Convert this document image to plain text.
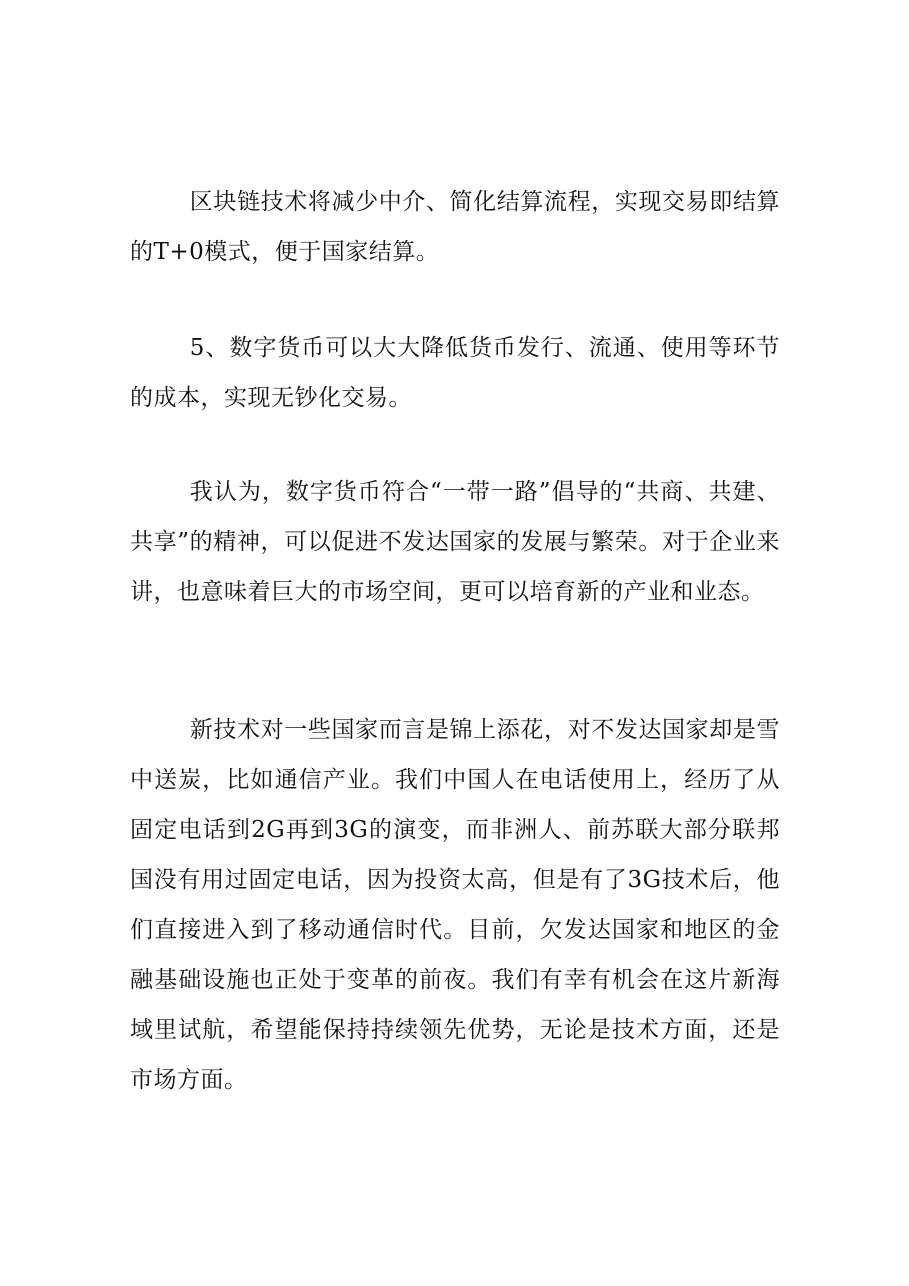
区块链技术将减少中介、简化结算流程，实现交易即结算的T+0模式，便于国家结算。

5、数字货币可以大大降低货币发行、流通、使用等环节的成本，实现无钞化交易。

我认为，数字货币符合“一带一路”倡导的“共商、共建、共享”的精神，可以促进不发达国家的发展与繁荣。对于企业来讲，也意味着巨大的市场空间，更可以培育新的产业和业态。

新技术对一些国家而言是锦上添花，对不发达国家却是雪中送炭，比如通信产业。我们中国人在电话使用上，经历了从固定电话到2G再到3G的演变，而非洲人、前苏联大部分联邦国没有用过固定电话，因为投资太高，但是有了3G技术后，他们直接进入到了移动通信时代。目前，欠发达国家和地区的金融基础设施也正处于变革的前夜。我们有幸有机会在这片新海域里试航，希望能保持持续领先优势，无论是技术方面，还是市场方面。
